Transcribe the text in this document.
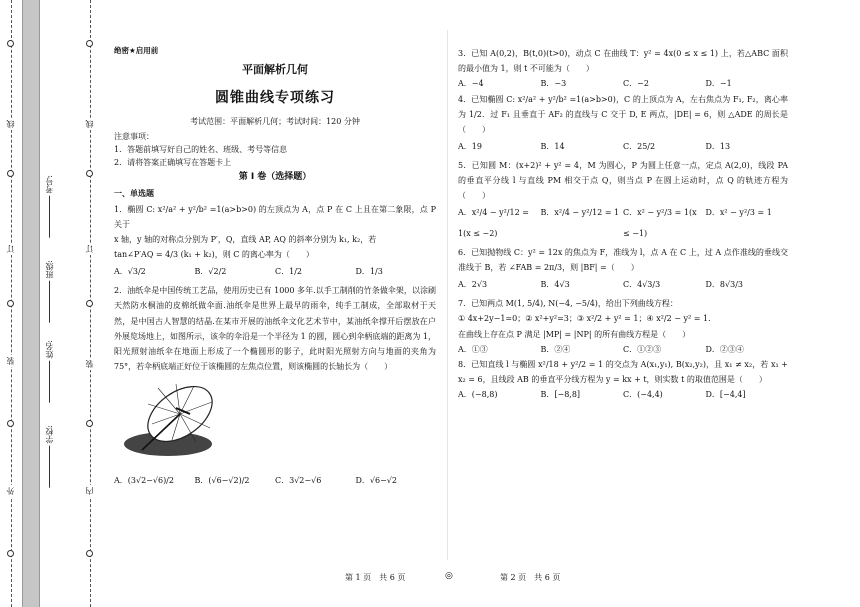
线
订
装
外
学校:
姓名:
班级:
考号:
线
订
装
内
绝密★启用前
平面解析几何
圆锥曲线专项练习
考试范围：平面解析几何；考试时间：120 分钟
注意事项：
1．答题前填写好自己的姓名、班级、考号等信息
2．请将答案正确填写在答题卡上
第 I 卷（选择题）
一、单选题
1．椭圆 C: x²/a² + y²/b² =1(a>b>0) 的左顶点为 A，点 P 在 C 上且在第二象限，点 P 关于
x 轴，y 轴的对称点分别为 P′，Q，直线 AP, AQ 的斜率分别为 k₁, k₂，若
tan∠P′AQ = 4/3 (k₁ + k₂)，则 C 的离心率为（　　）
A．√3/2	B．√2/2	C．1/2	D．1/3
2．油纸伞是中国传统工艺品，使用历史已有 1000 多年.以手工制削的竹条做伞架，以涂刷天然防水桐油的皮棉纸做伞面.油纸伞是世界上最早的雨伞，纯手工制成，全部取材于天然，是中国古人智慧的结晶.在某市开展的油纸伞文化艺术节中，某油纸伞撑开后摆放在户外展览场地上，如图所示，该伞的伞沿是一个半径为 1 的圆，圆心到伞柄底端的距离为 1，阳光照射油纸伞在地面上形成了一个椭圆形的影子，此时阳光照射方向与地面的夹角为 75°，若伞柄底端正好位于该椭圆的左焦点位置，则该椭圆的长轴长为（　　）
A．(3√2−√6)/2	B．(√6−√2)/2	C．3√2−√6	D．√6−√2
3．已知 A(0,2)，B(t,0)(t>0)，动点 C 在曲线 T：y² = 4x(0 ≤ x ≤ 1) 上，若△ABC 面积的最小值为 1，则 t 不可能为（　　）
A．−4	B．−3	C．−2	D．−1
4．已知椭圆 C: x²/a² + y²/b² =1(a>b>0)，C 的上顶点为 A，左右焦点为 F₁, F₂，离心率为 1/2．过 F₁ 且垂直于 AF₂ 的直线与 C 交于 D, E 两点，|DE| = 6，则 △ADE 的周长是（　　）
A．19	B．14	C．25/2	D．13
5．已知圆 M：(x+2)² + y² = 4，M 为圆心，P 为圆上任意一点，定点 A(2,0)，线段 PA 的垂直平分线 l 与直线 PM 相交于点 Q，则当点 P 在圆上运动时，点 Q 的轨迹方程为（　　）
A．x²/4 − y²/12 = 1(x ≤ −2)
B．x²/4 − y²/12 = 1 C．x² − y²/3 = 1(x ≤ −1)
D．x² − y²/3 = 1
6．已知抛物线 C：y² = 12x 的焦点为 F，准线为 l，点 A 在 C 上，过 A 点作准线的垂线交准线于 B，若 ∠FAB = 2π/3，则 |BF| =（　　）
A．2√3	B．4√3	C．4√3/3	D．8√3/3
7．已知两点 M(1, 5/4), N(−4, −5/4)，给出下列曲线方程：
① 4x+2y−1=0；② x²+y²=3；③ x²/2 + y² = 1；④ x²/2 − y² = 1．
在曲线上存在点 P 满足 |MP| = |NP| 的所有曲线方程是（　　）
A．①③	B．②④	C．①②③	D．②③④
8．已知直线 l 与椭圆 x²/18 + y²/2 = 1 的交点为 A(x₁,y₁), B(x₂,y₂)，且 x₁ ≠ x₂，若 x₁ + x₂ = 6，且线段 AB 的垂直平分线方程为 y = kx + t，则实数 t 的取值范围是（　　）
A．(−8,8)	B．[−8,8]	C．(−4,4)	D．[−4,4]
第 1 页　共 6 页	◎	第 2 页　共 6 页
